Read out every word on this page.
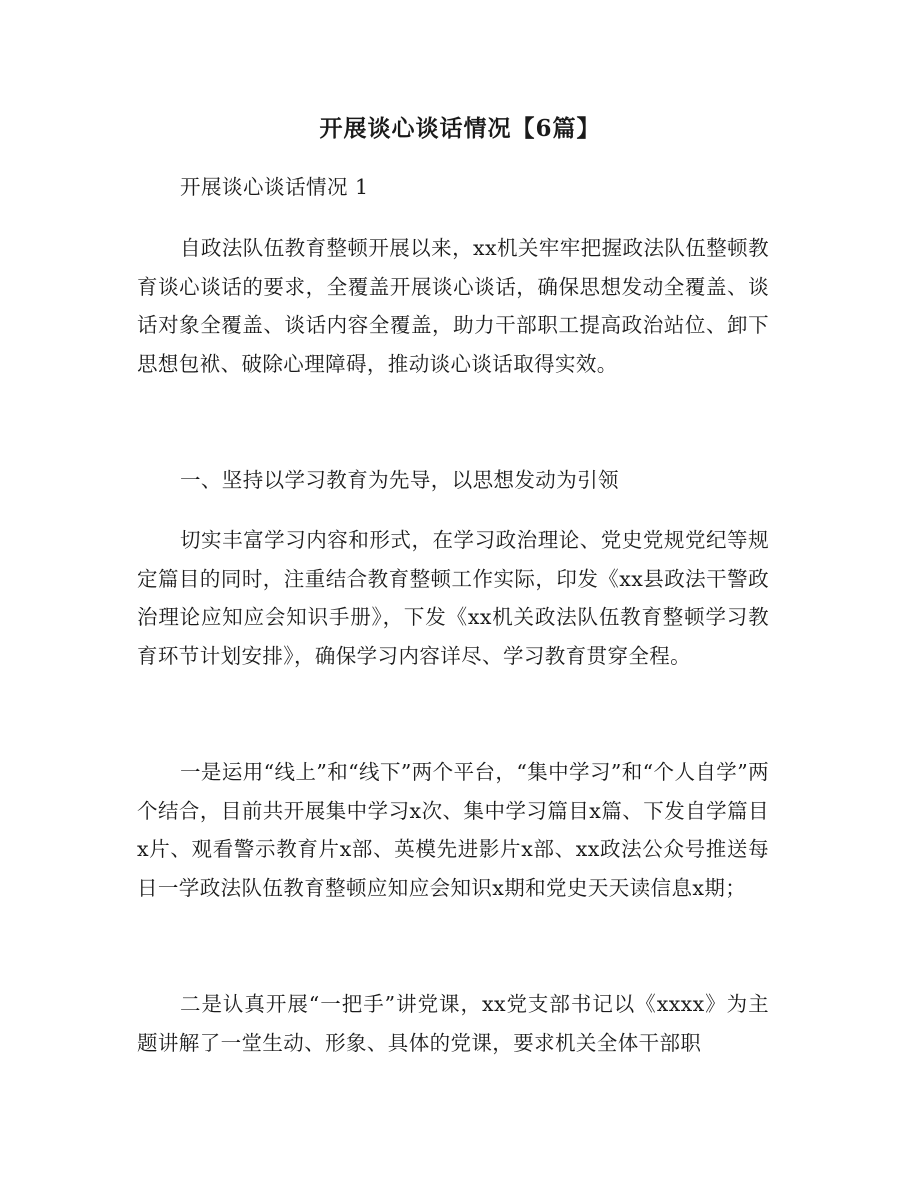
开展谈心谈话情况【6篇】
开展谈心谈话情况 1

自政法队伍教育整顿开展以来，xx机关牢牢把握政法队伍整顿教育谈心谈话的要求，全覆盖开展谈心谈话，确保思想发动全覆盖、谈话对象全覆盖、谈话内容全覆盖，助力干部职工提高政治站位、卸下思想包袱、破除心理障碍，推动谈心谈话取得实效。

一、坚持以学习教育为先导，以思想发动为引领

切实丰富学习内容和形式，在学习政治理论、党史党规党纪等规定篇目的同时，注重结合教育整顿工作实际，印发《xx县政法干警政治理论应知应会知识手册》，下发《xx机关政法队伍教育整顿学习教育环节计划安排》，确保学习内容详尽、学习教育贯穿全程。

一是运用“线上”和“线下”两个平台，“集中学习”和“个人自学”两个结合，目前共开展集中学习x次、集中学习篇目x篇、下发自学篇目x片、观看警示教育片x部、英模先进影片x部、xx政法公众号推送每日一学政法队伍教育整顿应知应会知识x期和党史天天读信息x期；

二是认真开展“一把手”讲党课，xx党支部书记以《xxxx》为主题讲解了一堂生动、形象、具体的党课，要求机关全体干部职
